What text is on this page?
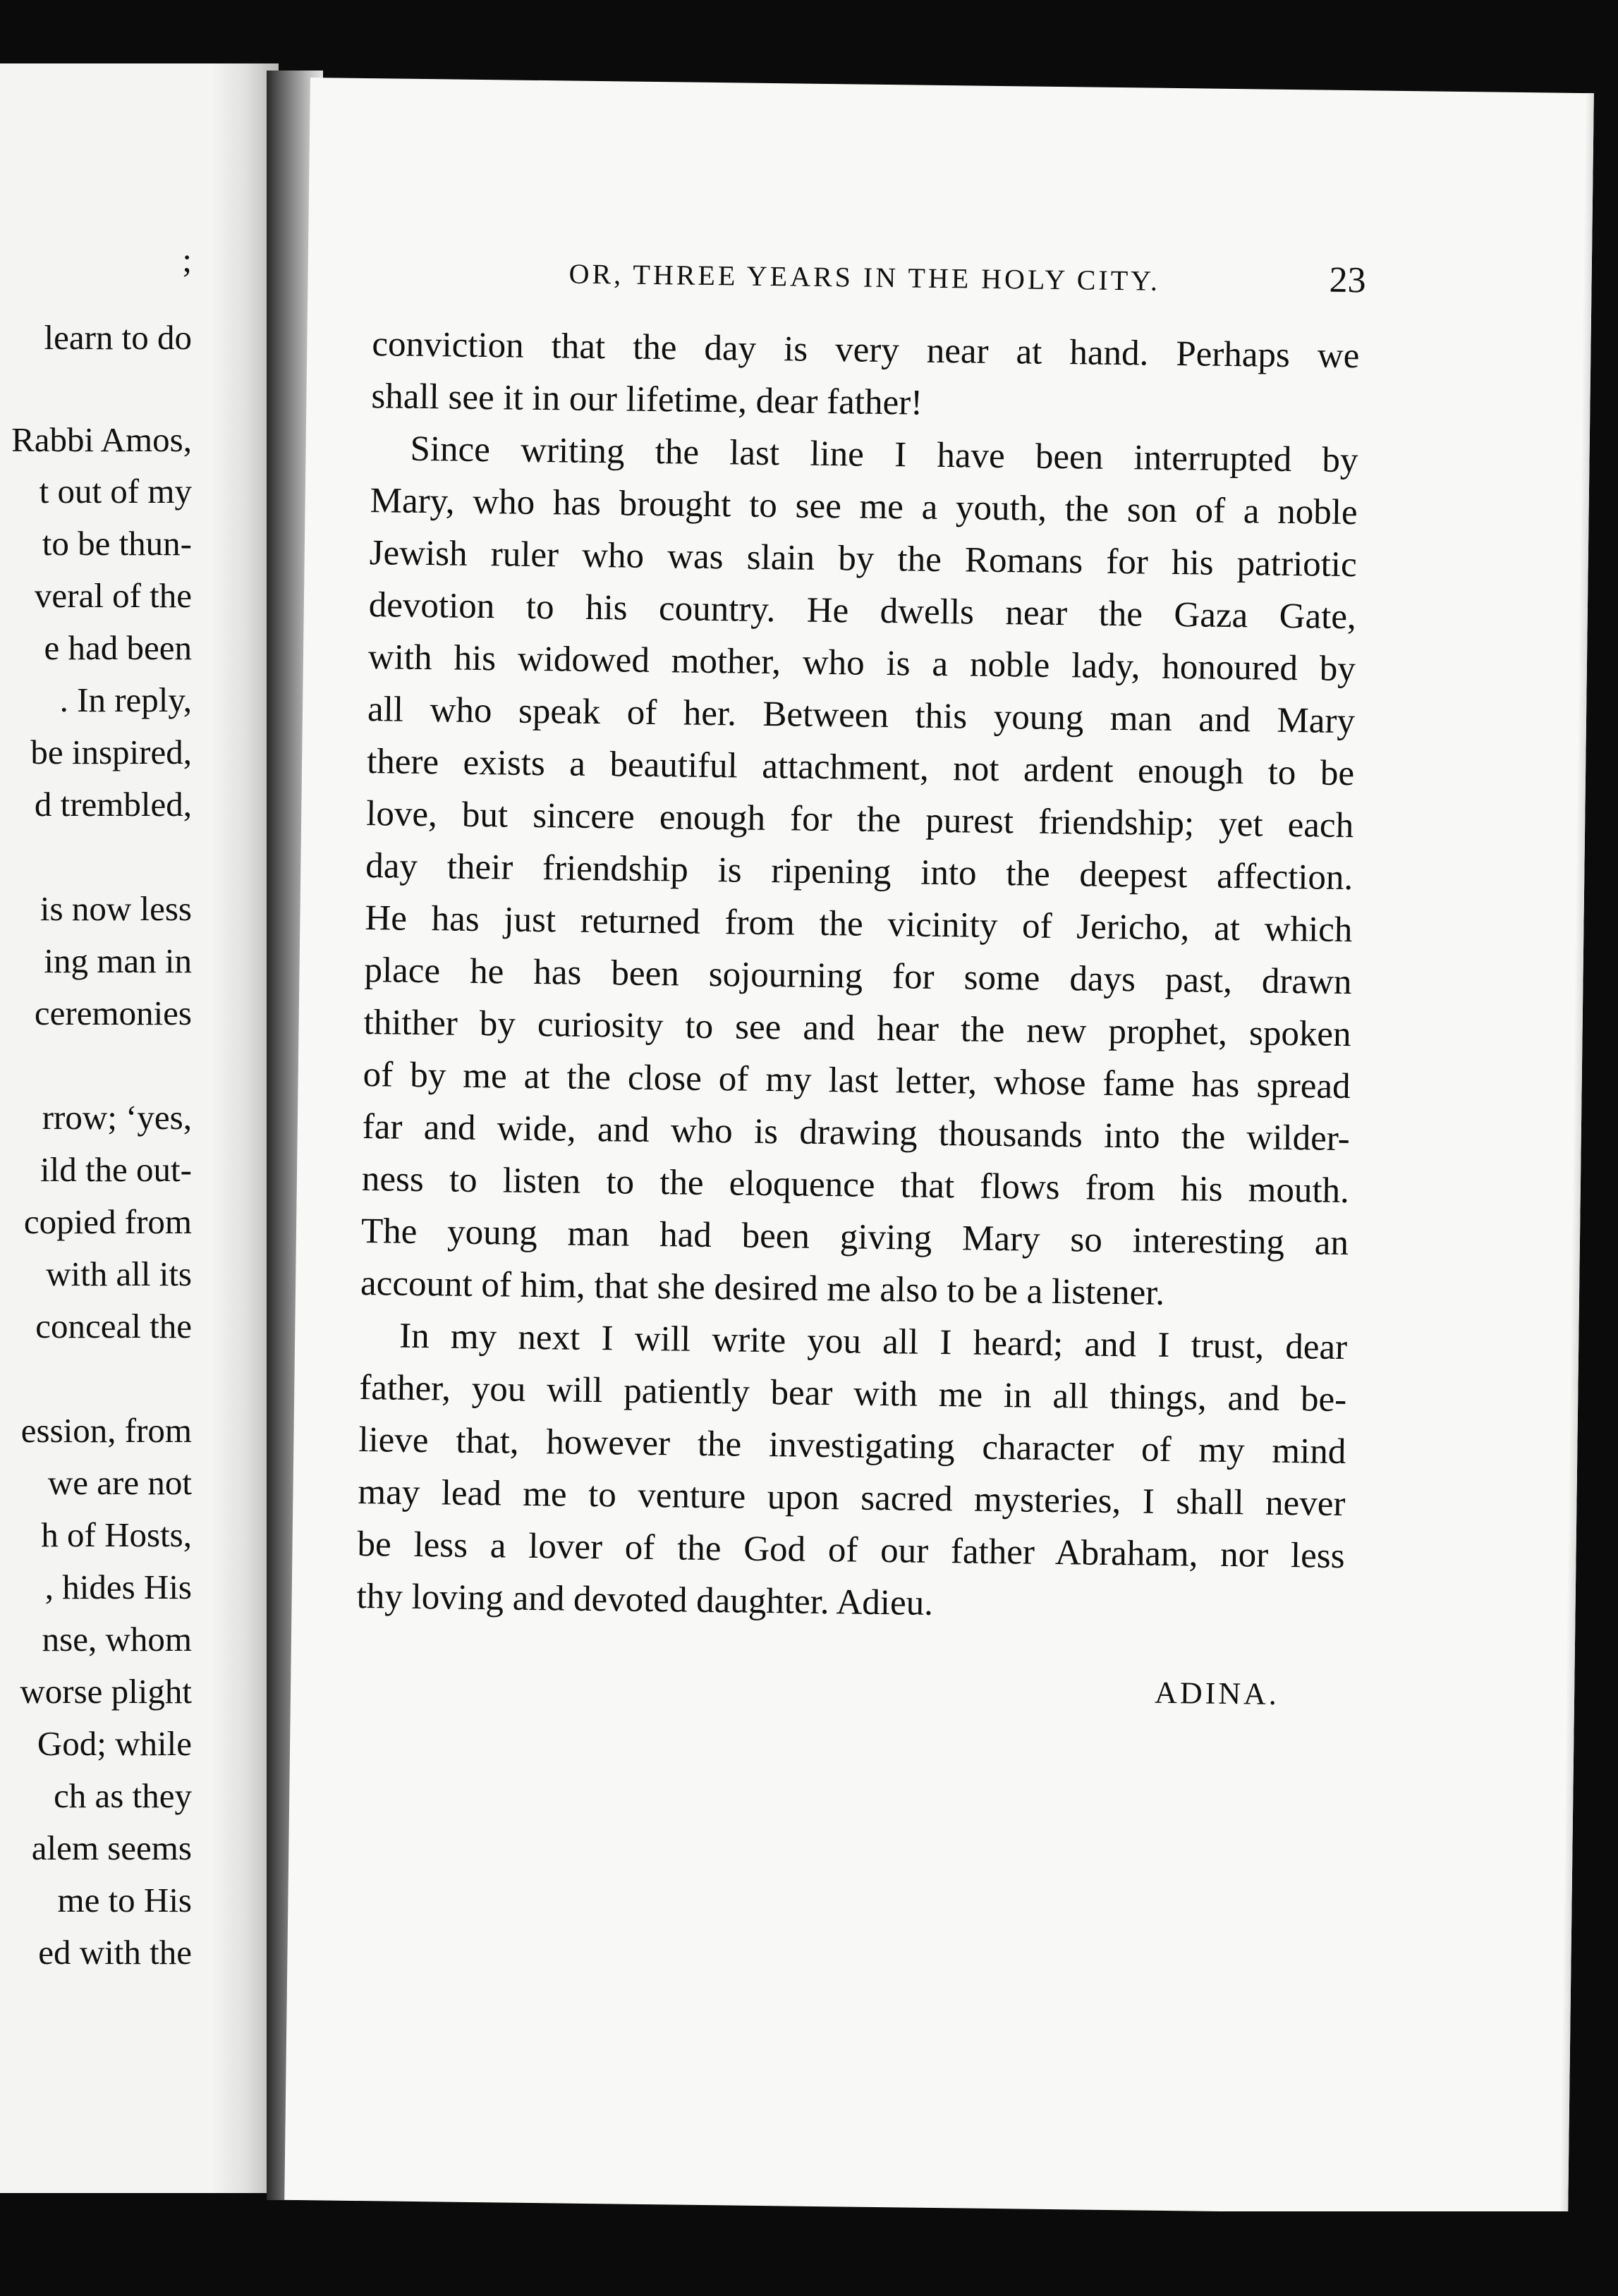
;
learn to do
Rabbi Amos,
t out of my
to be thun-
veral of the
e had been
. In reply,
be inspired,
d trembled,
is now less
ing man in
ceremonies
rrow; ‘yes,
ild the out-
copied from
with all its
conceal the
ession, from
we are not
h of Hosts,
, hides His
nse, whom
worse plight
God; while
ch as they
alem seems
me to His
ed with the
OR, THREE YEARS IN THE HOLY CITY.	23
conviction that the day is very near at hand. Perhaps we
shall see it in our lifetime, dear father!
Since writing the last line I have been interrupted by
Mary, who has brought to see me a youth, the son of a noble
Jewish ruler who was slain by the Romans for his patriotic
devotion to his country. He dwells near the Gaza Gate,
with his widowed mother, who is a noble lady, honoured by
all who speak of her. Between this young man and Mary
there exists a beautiful attachment, not ardent enough to be
love, but sincere enough for the purest friendship; yet each
day their friendship is ripening into the deepest affection.
He has just returned from the vicinity of Jericho, at which
place he has been sojourning for some days past, drawn
thither by curiosity to see and hear the new prophet, spoken
of by me at the close of my last letter, whose fame has spread
far and wide, and who is drawing thousands into the wilder-
ness to listen to the eloquence that flows from his mouth.
The young man had been giving Mary so interesting an
account of him, that she desired me also to be a listener.
In my next I will write you all I heard; and I trust, dear
father, you will patiently bear with me in all things, and be-
lieve that, however the investigating character of my mind
may lead me to venture upon sacred mysteries, I shall never
be less a lover of the God of our father Abraham, nor less
thy loving and devoted daughter. Adieu.
ADINA.
